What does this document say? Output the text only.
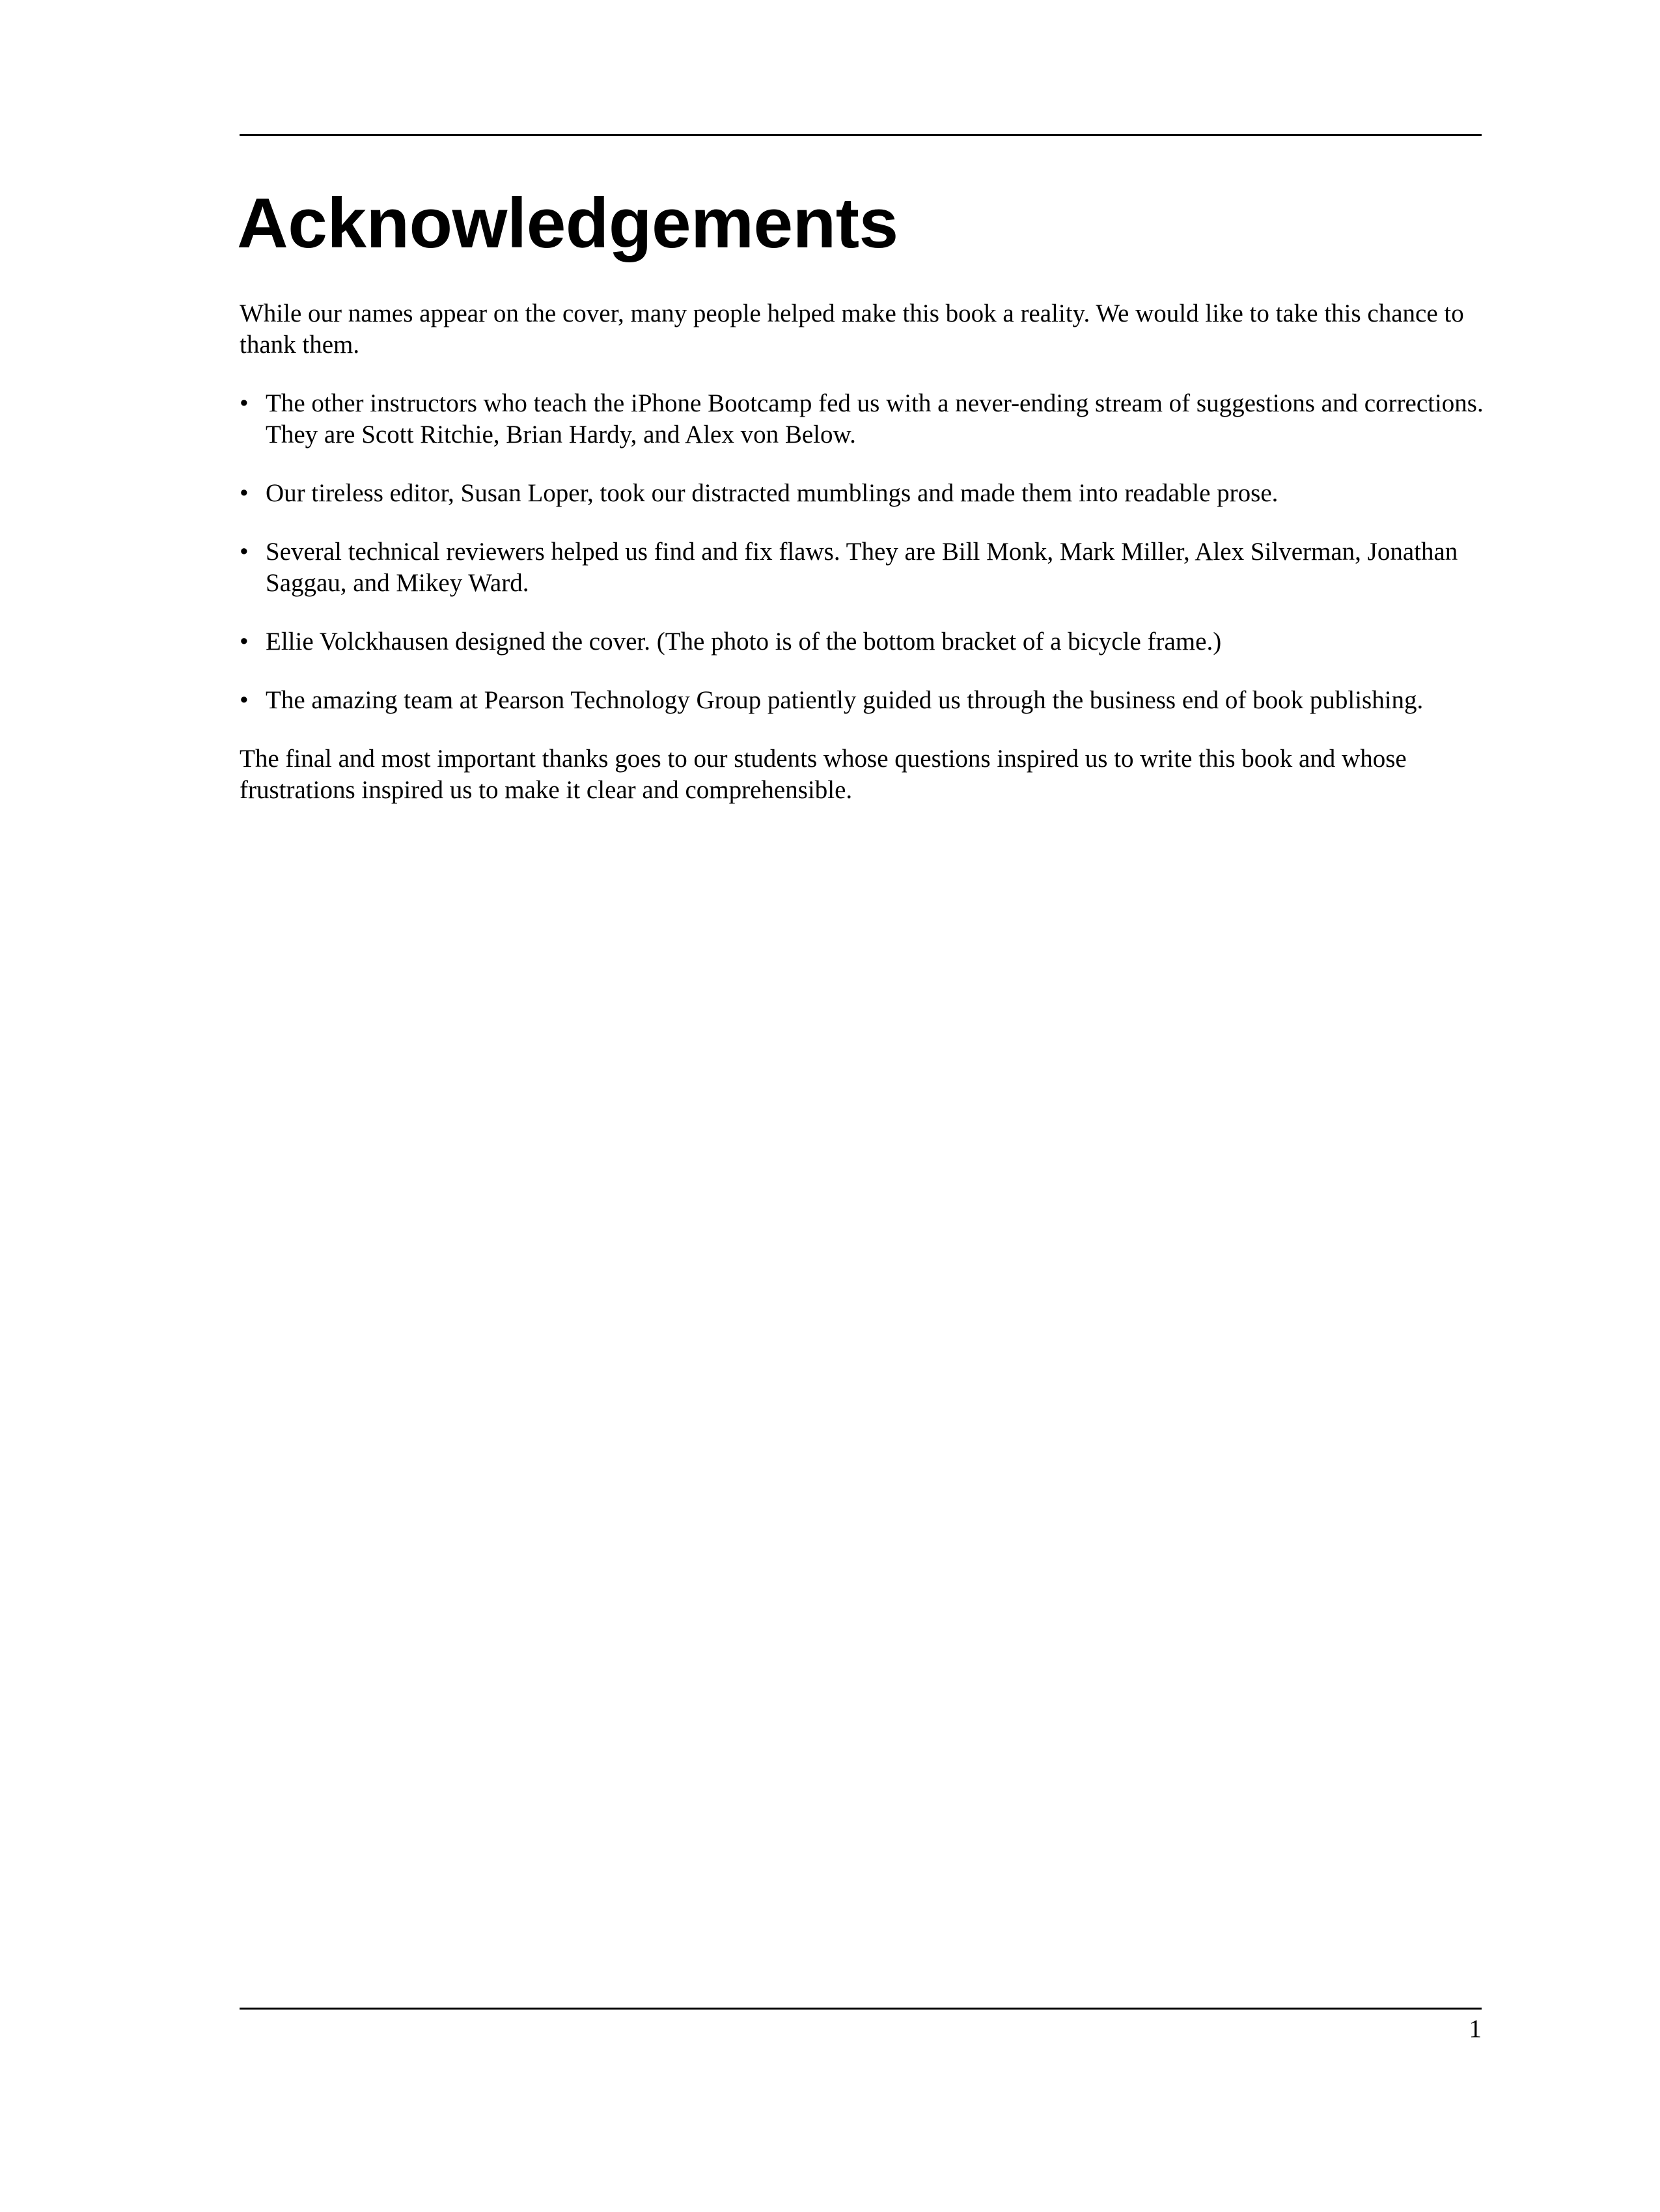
Acknowledgements

While our names appear on the cover, many people helped make this book a reality. We would like to take this chance to thank them.

• The other instructors who teach the iPhone Bootcamp fed us with a never-ending stream of suggestions and corrections. They are Scott Ritchie, Brian Hardy, and Alex von Below.
• Our tireless editor, Susan Loper, took our distracted mumblings and made them into readable prose.
• Several technical reviewers helped us find and fix flaws. They are Bill Monk, Mark Miller, Alex Silverman, Jonathan Saggau, and Mikey Ward.
• Ellie Volckhausen designed the cover. (The photo is of the bottom bracket of a bicycle frame.)
• The amazing team at Pearson Technology Group patiently guided us through the business end of book publishing.

The final and most important thanks goes to our students whose questions inspired us to write this book and whose frustrations inspired us to make it clear and comprehensible.

1
